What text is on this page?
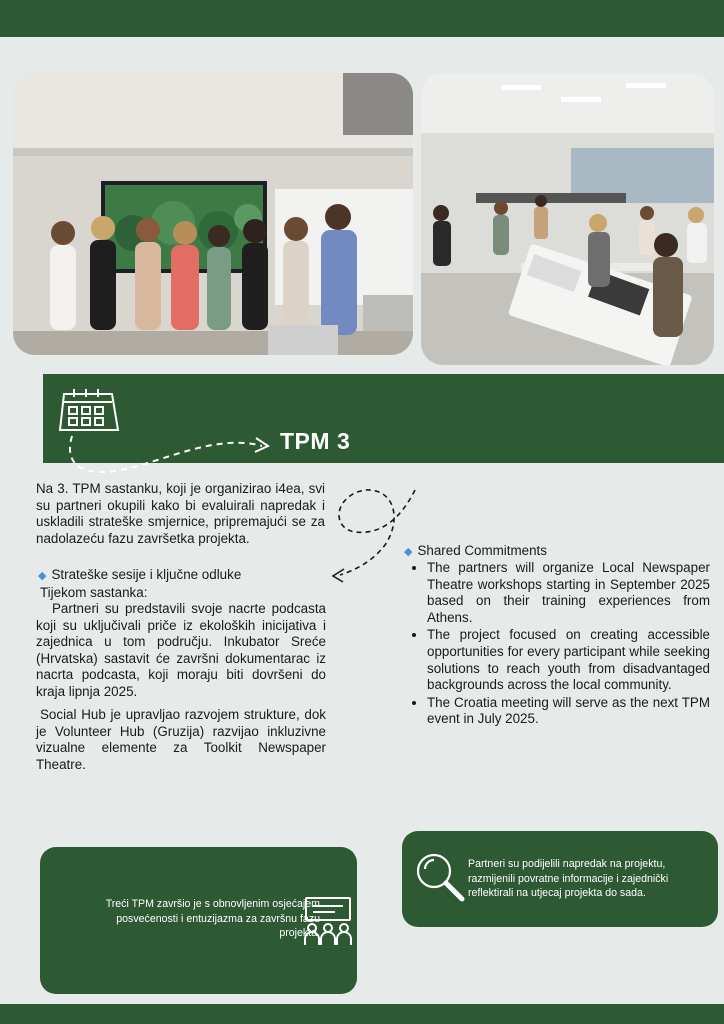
TPM 3

Na 3. TPM sastanku, koji je organizirao i4ea, svi su partneri okupili kako bi evaluirali napredak i uskladili strateške smjernice, pripremajući se za nadolazeću fazu završetka projekta.

◆ Strateške sesije i ključne odluke
Tijekom sastanka:

Partneri su predstavili svoje nacrte podcasta koji su uključivali priče iz ekoloških inicijativa i zajednica u tom području. Inkubator Sreće (Hrvatska) sastavit će završni dokumentarac iz nacrta podcasta, koji moraju biti dovršeni do kraja lipnja 2025.

Social Hub je upravljao razvojem strukture, dok je Volunteer Hub (Gruzija) razvijao inkluzivne vizualne elemente za Toolkit Newspaper Theatre.

◆ Shared Commitments
• The partners will organize Local Newspaper Theatre workshops starting in September 2025 based on their training experiences from Athens.
• The project focused on creating accessible opportunities for every participant while seeking solutions to reach youth from disadvantaged backgrounds across the local community.
• The Croatia meeting will serve as the next TPM event in July 2025.
Treći TPM završio je s obnovljenim osjećajem posvećenosti i entuzijazma za završnu fazu projekta.
Partneri su podijelili napredak na projektu, razmijenili povratne informacije i zajednički reflektirali na utjecaj projekta do sada.
